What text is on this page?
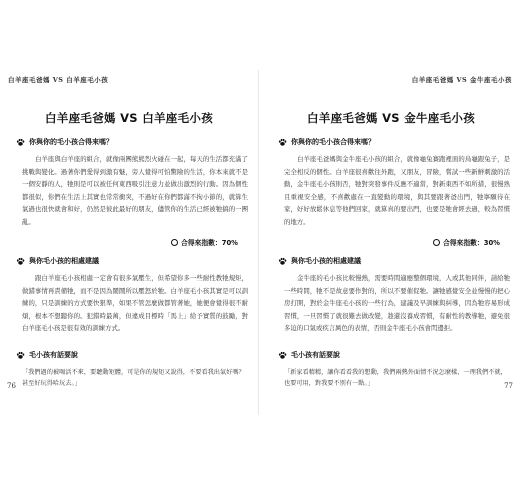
白羊座毛爸媽 VS 白羊座毛小孩
白羊座毛爸媽 VS 白羊座毛小孩
你與你的毛小孩合得來嗎？

白羊座與白羊座的組合，就像兩團熊熊烈火碰在一起，每天的生活都充滿了挑戰與變化。過著你們愛得到激有魅，旁人覺得可怕驚險的生活，你本來就不是一個安靜的人，牠則是可以被任何東西吸引注意力並做出激烈的行動。因為個性都很似，你們在生活上其實也常常衝突，不過好在你們都滿不拘小節的，就算生氣過也很快就會和好，仍然是彼此最好的朋友，儘管你的生活已經被牠搞的一團亂。

合得來指數：70%
與你毛小孩的相處建議

跟白羊座毛小孩相處一定會有很多氣壓生，但希望你多一些耐性教牠規矩，做錯事情再責備牠，而不是因為鬧鬧所以壓怒於牠。白羊座毛小孩其實是可以訓練的，只是訓練的方式要快狠準，如果不管怎麼做都管著她，她便會覺得很不耐煩，根本不想聽你的。犯錯時最萬，但違成目標時「馬上」給予實質的鼓勵，對白羊座毛小孩是很有效的訓練方式。

毛小孩有話要說
「我們過的被喝活不來，要聽動矩體，可是你的規矩又說得，不要看我出氣好嗎？甚至好玩得哈玩去。」
76
白羊座毛爸媽 VS 金牛座毛小孩
白羊座毛爸媽 VS 金牛座毛小孩
你與你的毛小孩合得來嗎？

白羊座毛爸媽與金牛座毛小孩的組合，就像龜兔賽跑裡面的烏龜跟兔子，是完全相反的個性。白羊座很喜歡往外跑，又朋友，冒險，嘗試一些新鮮刺激的活動，金牛座毛小孩則否，牠對突發事件反應不適當，對新東西不如所措，很慢熟且重視安全感，不喜歡處在一直變動的環境，與其要跟著爸出門，牠寧願待在家，好好放鬆休息等他們回家，就算真的要出門，也要是牠會經去過，較為習慣的地方。

合得來指數：30%
與你毛小孩的相處建議

金牛座的毛小孩比較慢熱，需要時間適應整個環境，人或其他同伴，請給牠一些時間，牠不是故意要作對的，所以不要催促牠。讓牠感覺安全並慢慢的把心房打開，對於金牛座毛小孩的一些行為，建議及早訓練與糾導，因為牠容易形成習慣，一旦習慣了就很難去做改變，趁還沒養成習慣，有耐性的教導牠，避免很多迫的口氣或疾言厲色的表情，否則金牛座毛小孩會閃邊拒。

毛小孩有話要說
「新家看精精，讓你看看我的想動，我們兩熱外面情不況怎麼樣，一理我們不就，也要可用，對我要不別有一點。」	77
